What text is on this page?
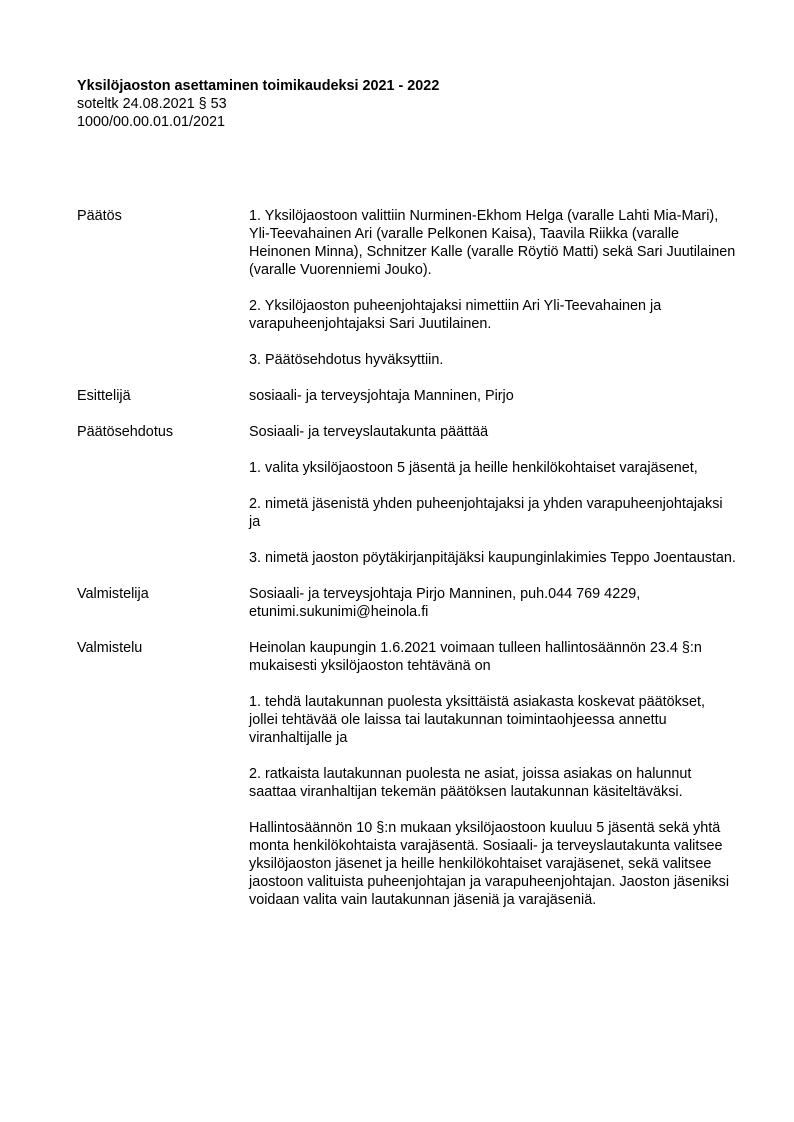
Yksilöjaoston asettaminen toimikaudeksi 2021 - 2022

soteltk 24.08.2021 § 53

1000/00.00.01.01/2021

Päätös	1. Yksilöjaostoon valittiin Nurminen-Ekhom Helga (varalle Lahti Mia-Mari), Yli-Teevahainen Ari (varalle Pelkonen Kaisa), Taavila Riikka (varalle Heinonen Minna), Schnitzer Kalle (varalle Röytiö Matti) sekä Sari Juutilainen (varalle Vuorenniemi Jouko).

2. Yksilöjaoston puheenjohtajaksi nimettiin Ari Yli-Teevahainen ja varapuheenjohtajaksi Sari Juutilainen.

3. Päätösehdotus hyväksyttiin.

Esittelijä	sosiaali- ja terveysjohtaja Manninen, Pirjo

Päätösehdotus	Sosiaali- ja terveyslautakunta päättää

1. valita yksilöjaostoon 5 jäsentä ja heille henkilökohtaiset varajäsenet,

2. nimetä jäsenistä yhden puheenjohtajaksi ja yhden varapuheenjohtajaksi ja

3. nimetä jaoston pöytäkirjanpitäjäksi kaupunginlakimies Teppo Joentaustan.

Valmistelija	Sosiaali- ja terveysjohtaja Pirjo Manninen, puh.044 769 4229, etunimi.sukunimi@heinola.fi

Valmistelu	Heinolan kaupungin 1.6.2021 voimaan tulleen hallintosäännön 23.4 §:n mukaisesti yksilöjaoston tehtävänä on

1. tehdä lautakunnan puolesta yksittäistä asiakasta koskevat päätökset, jollei tehtävää ole laissa tai lautakunnan toimintaohjeessa annettu viranhaltijalle ja

2. ratkaista lautakunnan puolesta ne asiat, joissa asiakas on halunnut saattaa viranhaltijan tekemän päätöksen lautakunnan käsiteltäväksi.

Hallintosäännön 10 §:n mukaan yksilöjaostoon kuuluu 5 jäsentä sekä yhtä monta henkilökohtaista varajäsentä. Sosiaali- ja terveyslautakunta valitsee yksilöjaoston jäsenet ja heille henkilökohtaiset varajäsenet, sekä valitsee jaostoon valituista puheenjohtajan ja varapuheenjohtajan. Jaoston jäseniksi voidaan valita vain lautakunnan jäseniä ja varajäseniä.
